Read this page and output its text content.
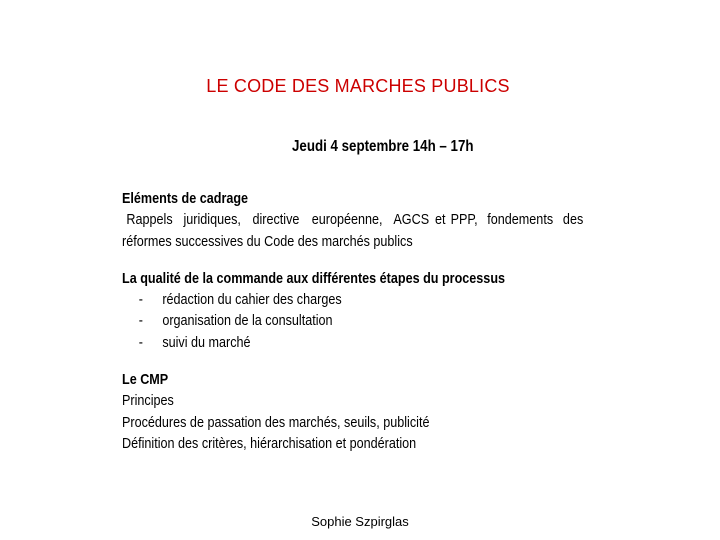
LE CODE DES MARCHES PUBLICS
Jeudi 4 septembre 14h – 17h
Eléments de cadrage
Rappels juridiques, directive européenne, AGCS et PPP, fondements des
réformes successives du Code des marchés publics
La qualité de la commande aux différentes étapes du processus
- rédaction du cahier des charges
- organisation de la consultation
- suivi du marché
Le CMP
Principes
Procédures de passation des marchés, seuils, publicité
Définition des critères, hiérarchisation et pondération
Sophie Szpirglas
